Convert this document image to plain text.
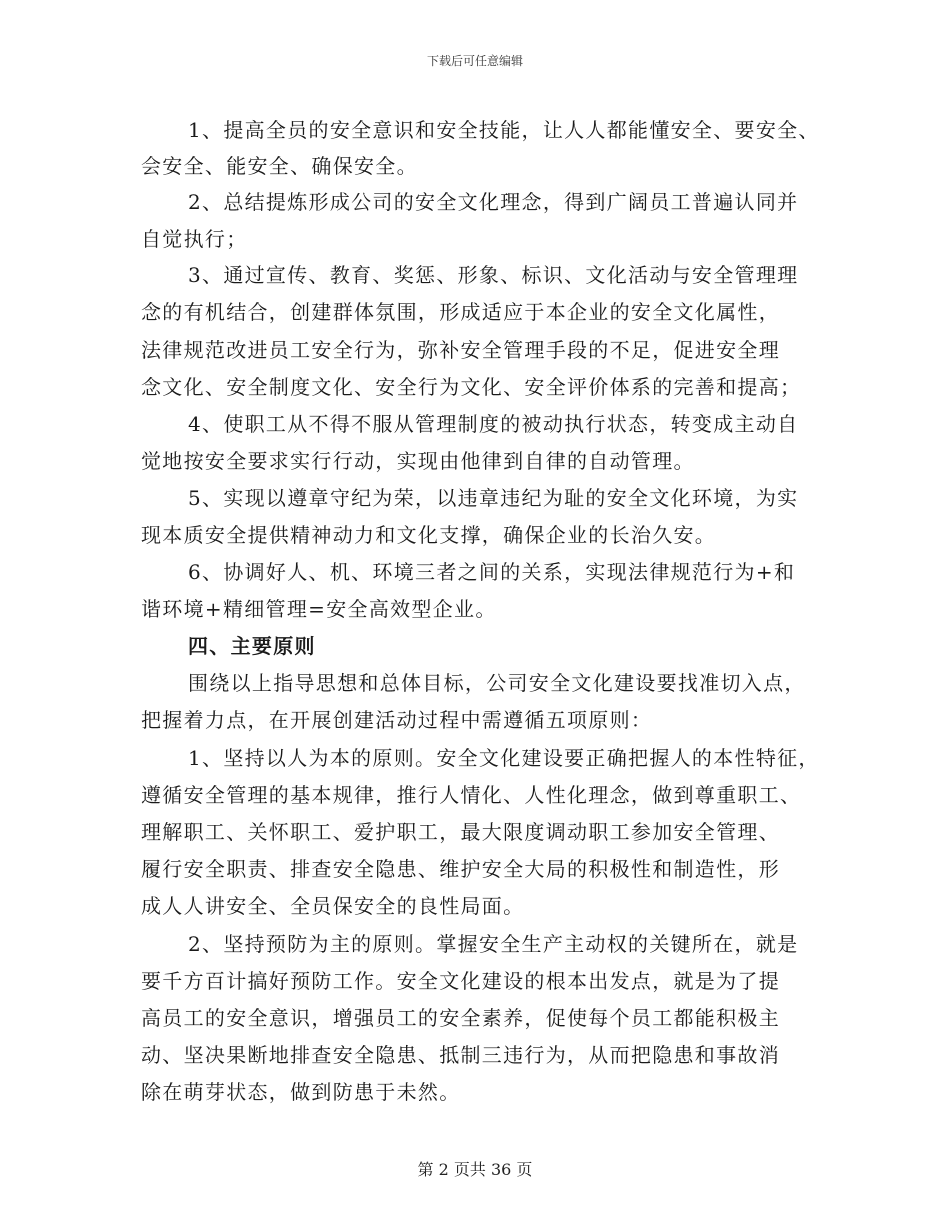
下载后可任意编辑
1、提高全员的安全意识和安全技能，让人人都能懂安全、要安全、
会安全、能安全、确保安全。
2、总结提炼形成公司的安全文化理念，得到广阔员工普遍认同并
自觉执行；
3、通过宣传、教育、奖惩、形象、标识、文化活动与安全管理理
念的有机结合，创建群体氛围，形成适应于本企业的安全文化属性，
法律规范改进员工安全行为，弥补安全管理手段的不足，促进安全理
念文化、安全制度文化、安全行为文化、安全评价体系的完善和提高；
4、使职工从不得不服从管理制度的被动执行状态，转变成主动自
觉地按安全要求实行行动，实现由他律到自律的自动管理。
5、实现以遵章守纪为荣，以违章违纪为耻的安全文化环境，为实
现本质安全提供精神动力和文化支撑，确保企业的长治久安。
6、协调好人、机、环境三者之间的关系，实现法律规范行为+和
谐环境+精细管理=安全高效型企业。
四、主要原则
围绕以上指导思想和总体目标，公司安全文化建设要找准切入点，
把握着力点，在开展创建活动过程中需遵循五项原则：
1、坚持以人为本的原则。安全文化建设要正确把握人的本性特征，
遵循安全管理的基本规律，推行人情化、人性化理念，做到尊重职工、
理解职工、关怀职工、爱护职工，最大限度调动职工参加安全管理、
履行安全职责、排查安全隐患、维护安全大局的积极性和制造性，形
成人人讲安全、全员保安全的良性局面。
2、坚持预防为主的原则。掌握安全生产主动权的关键所在，就是
要千方百计搞好预防工作。安全文化建设的根本出发点，就是为了提
高员工的安全意识，增强员工的安全素养，促使每个员工都能积极主
动、坚决果断地排查安全隐患、抵制三违行为，从而把隐患和事故消
除在萌芽状态，做到防患于未然。
第 2 页共 36 页
